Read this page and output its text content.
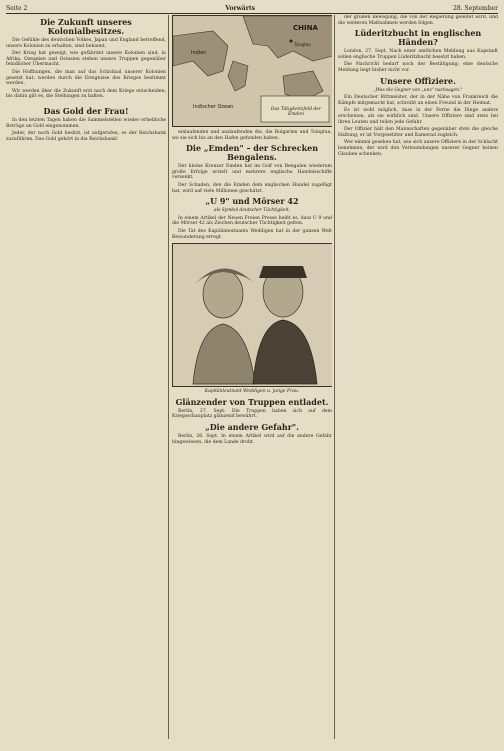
Seite 2	Vorwärts	28. September
Die Zukunft unseres Kolonialbesitzes.

Die Gefühle des deutschen Volkes, Japan und England betreffend, unsere Kolonien zu erhalten, sind bekannt.

Der Krieg hat gezeigt, wie gefährdet unsere Kolonien sind; in Afrika, Ozeanien und Ostasien stehen unsere Truppen gegenüber feindlicher Übermacht.

Die Hoffnungen, die man auf das Schicksal unserer Kolonien gesetzt hat, werden durch die Ereignisse des Krieges bestimmt werden.

Wir werden über die Zukunft erst nach dem Kriege entscheiden; bis dahin gilt es, die Stellungen zu halten.

Das Gold der Frau!

In den letzten Tagen haben die Sammelstellen wieder erhebliche Beträge an Gold eingenommen.

Jeder, der noch Gold besitzt, ist aufgerufen, es der Reichsbank zuzuführen. Das Gold gehört in die Reichsbank!

CHINA
Indien
Indischer Ozean
Tsingtau
Das Tätigkeitsfeld der Emden

einlaufenden und auslaufenden die, die Bulgarien und Tsingtau, wo sie sich bis an den Hafen gefunden haben.

Die „Emden" – der Schrecken Bengalens.

Der kleine Kreuzer Emden hat im Golf von Bengalen wiederum große Erfolge erzielt und mehrere englische Handelsschiffe versenkt.

Der Schaden, den die Emden dem englischen Handel zugefügt hat, wird auf viele Millionen geschätzt.

„U 9" und Mörser 42
als Symbol deutscher Tüchtigkeit.

In einem Artikel der Neuen Freien Presse heißt es, dass U 9 und die Mörser 42 als Zeichen deutscher Tüchtigkeit gelten.

Die Tat des Kapitänleutnants Weddigen hat in der ganzen Welt Bewunderung erregt.

Kapitänleutnant Weddigen u. junge Frau.
Glänzender von Truppen entladet.

Berlin, 27. Sept. Die Truppen haben sich auf dem Kriegsschauplatz glänzend bewährt.

„Die andere Gefahr".

Berlin, 26. Sept. In einem Artikel wird auf die andere Gefahr hingewiesen, die dem Lande droht.

der großen Bewegung, die von der Regierung geleitet wird, und die weiteren Maßnahmen werden folgen.

Lüderitzbucht in englischen Händen?

London, 27. Sept. Nach einer amtlichen Meldung aus Kapstadt sollen englische Truppen Lüderitzbucht besetzt haben.

Die Nachricht bedarf noch der Bestätigung; eine deutsche Meldung liegt bisher nicht vor.

Unsere Offiziere.
„Was die Gegner von „uns" nachsagen."

Ein Deutscher Rittmeister, der in der Nähe von Frankreich die Kämpfe mitgemacht hat, schreibt an einen Freund in der Heimat.

Es ist wohl möglich, dass in der Ferne die Dinge anders erscheinen, als sie wirklich sind. Unsere Offiziere sind stets bei ihren Leuten und teilen jede Gefahr.

Der Offizier hält den Mannschaften gegenüber stets die gleiche Haltung; er ist Vorgesetzter und Kamerad zugleich.

Wer einmal gesehen hat, wie sich unsere Offiziere in der Schlacht benehmen, der wird den Verleumdungen unserer Gegner keinen Glauben schenken.
